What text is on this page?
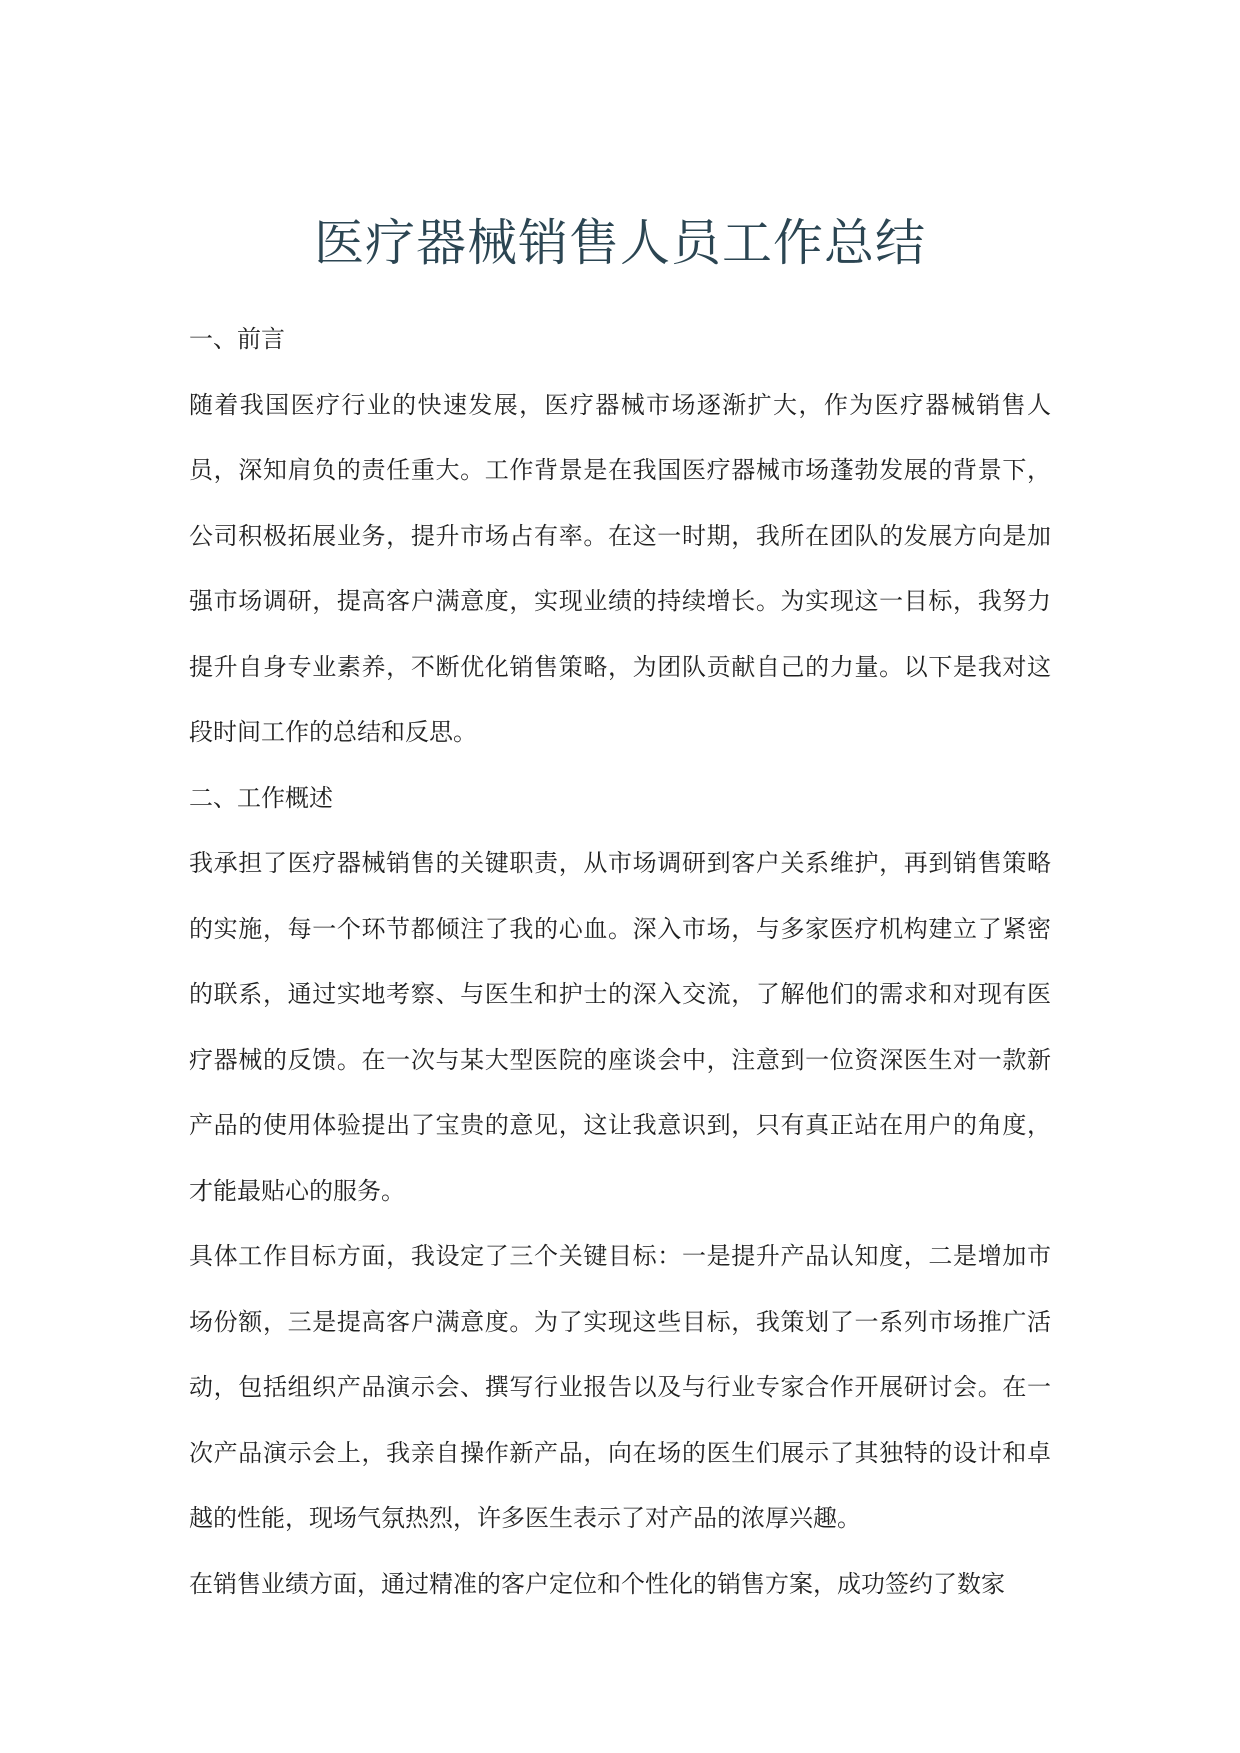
医疗器械销售人员工作总结

一、前言

随着我国医疗行业的快速发展，医疗器械市场逐渐扩大，作为医疗器械销售人员，深知肩负的责任重大。工作背景是在我国医疗器械市场蓬勃发展的背景下，公司积极拓展业务，提升市场占有率。在这一时期，我所在团队的发展方向是加强市场调研，提高客户满意度，实现业绩的持续增长。为实现这一目标，我努力提升自身专业素养，不断优化销售策略，为团队贡献自己的力量。以下是我对这段时间工作的总结和反思。

二、工作概述

我承担了医疗器械销售的关键职责，从市场调研到客户关系维护，再到销售策略的实施，每一个环节都倾注了我的心血。深入市场，与多家医疗机构建立了紧密的联系，通过实地考察、与医生和护士的深入交流，了解他们的需求和对现有医疗器械的反馈。在一次与某大型医院的座谈会中，注意到一位资深医生对一款新产品的使用体验提出了宝贵的意见，这让我意识到，只有真正站在用户的角度，才能最贴心的服务。

具体工作目标方面，我设定了三个关键目标：一是提升产品认知度，二是增加市场份额，三是提高客户满意度。为了实现这些目标，我策划了一系列市场推广活动，包括组织产品演示会、撰写行业报告以及与行业专家合作开展研讨会。在一次产品演示会上，我亲自操作新产品，向在场的医生们展示了其独特的设计和卓越的性能，现场气氛热烈，许多医生表示了对产品的浓厚兴趣。

在销售业绩方面，通过精准的客户定位和个性化的销售方案，成功签约了数家
